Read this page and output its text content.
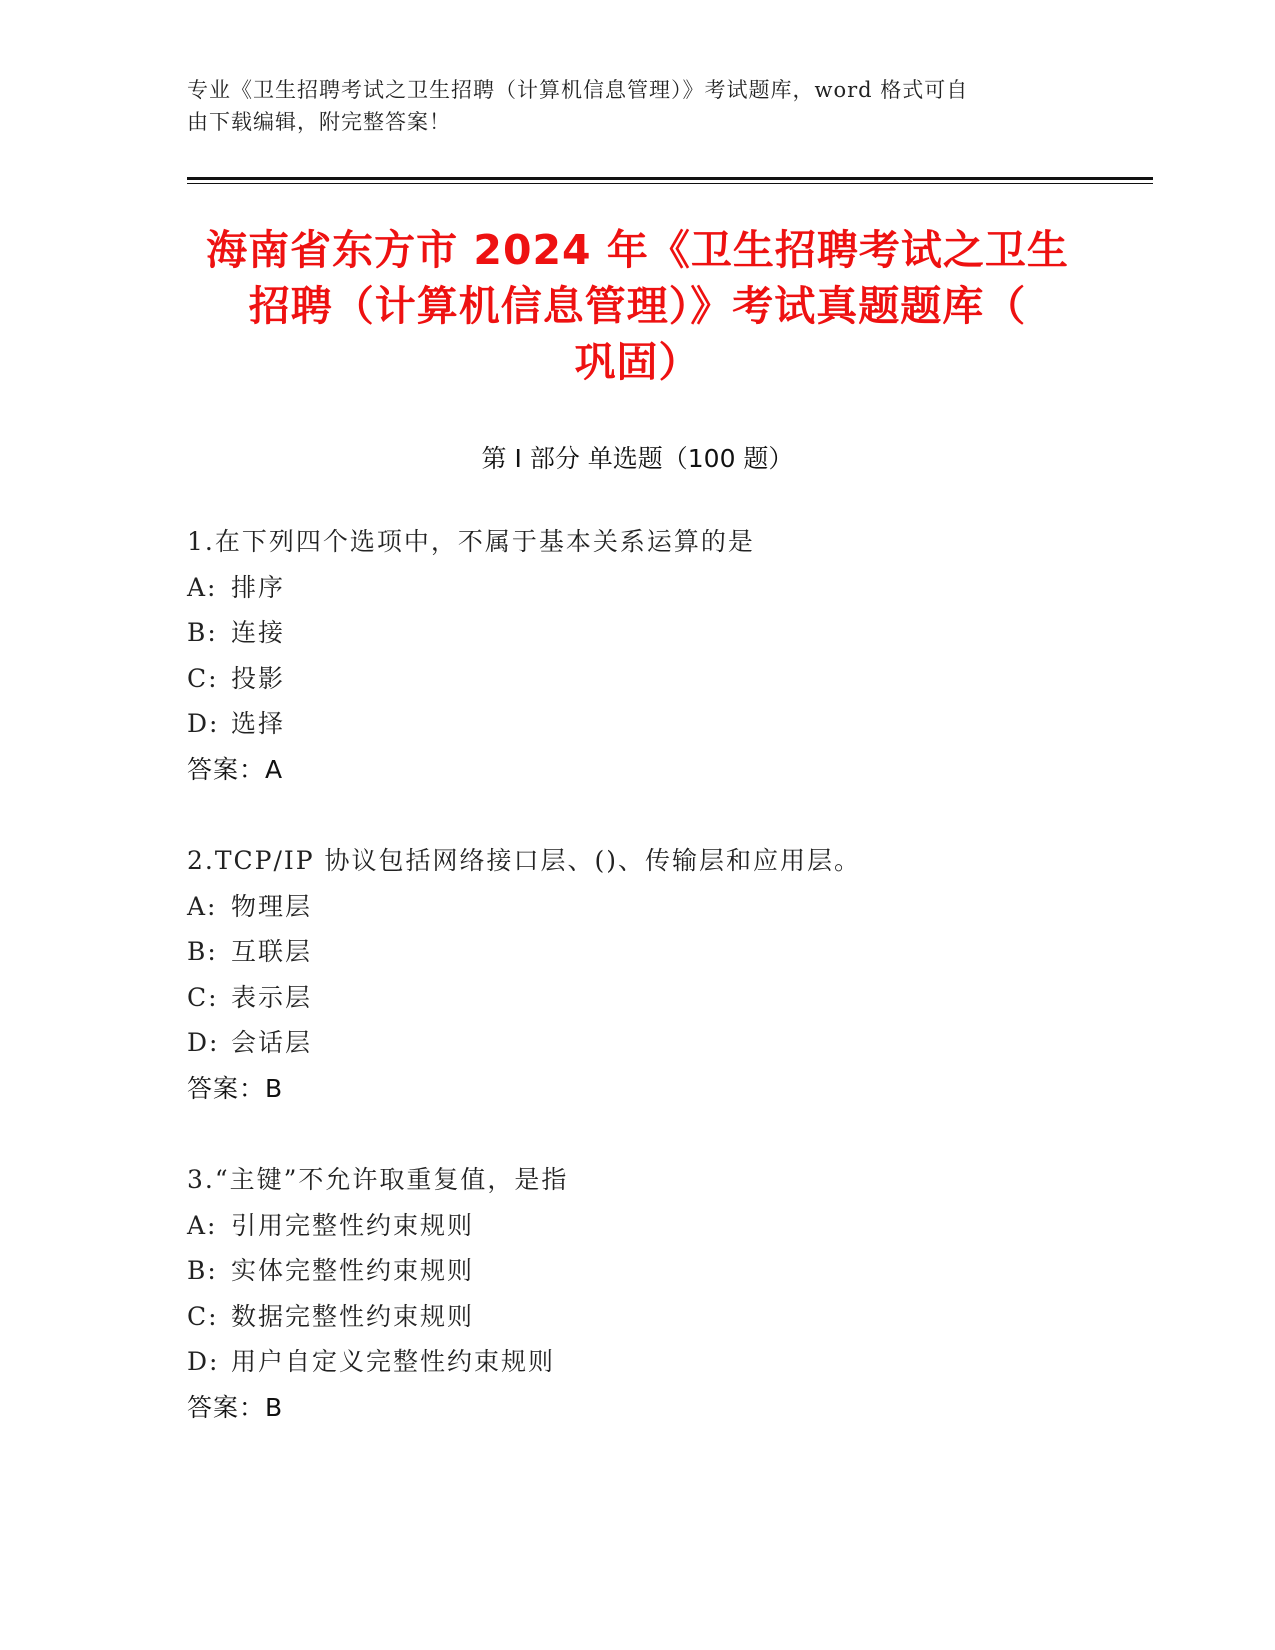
专业《卫生招聘考试之卫生招聘（计算机信息管理）》考试题库，word 格式可自
由下载编辑，附完整答案！
海南省东方市 2024 年《卫生招聘考试之卫生
招聘（计算机信息管理）》考试真题题库（
巩固）
第 I 部分 单选题（100 题）
1.在下列四个选项中，不属于基本关系运算的是
A: 排序
B: 连接
C: 投影
D: 选择
答案：A
2.TCP/IP 协议包括网络接口层、()、传输层和应用层。
A: 物理层
B: 互联层
C: 表示层
D: 会话层
答案：B
3.“主键”不允许取重复值，是指
A: 引用完整性约束规则
B: 实体完整性约束规则
C: 数据完整性约束规则
D: 用户自定义完整性约束规则
答案：B
